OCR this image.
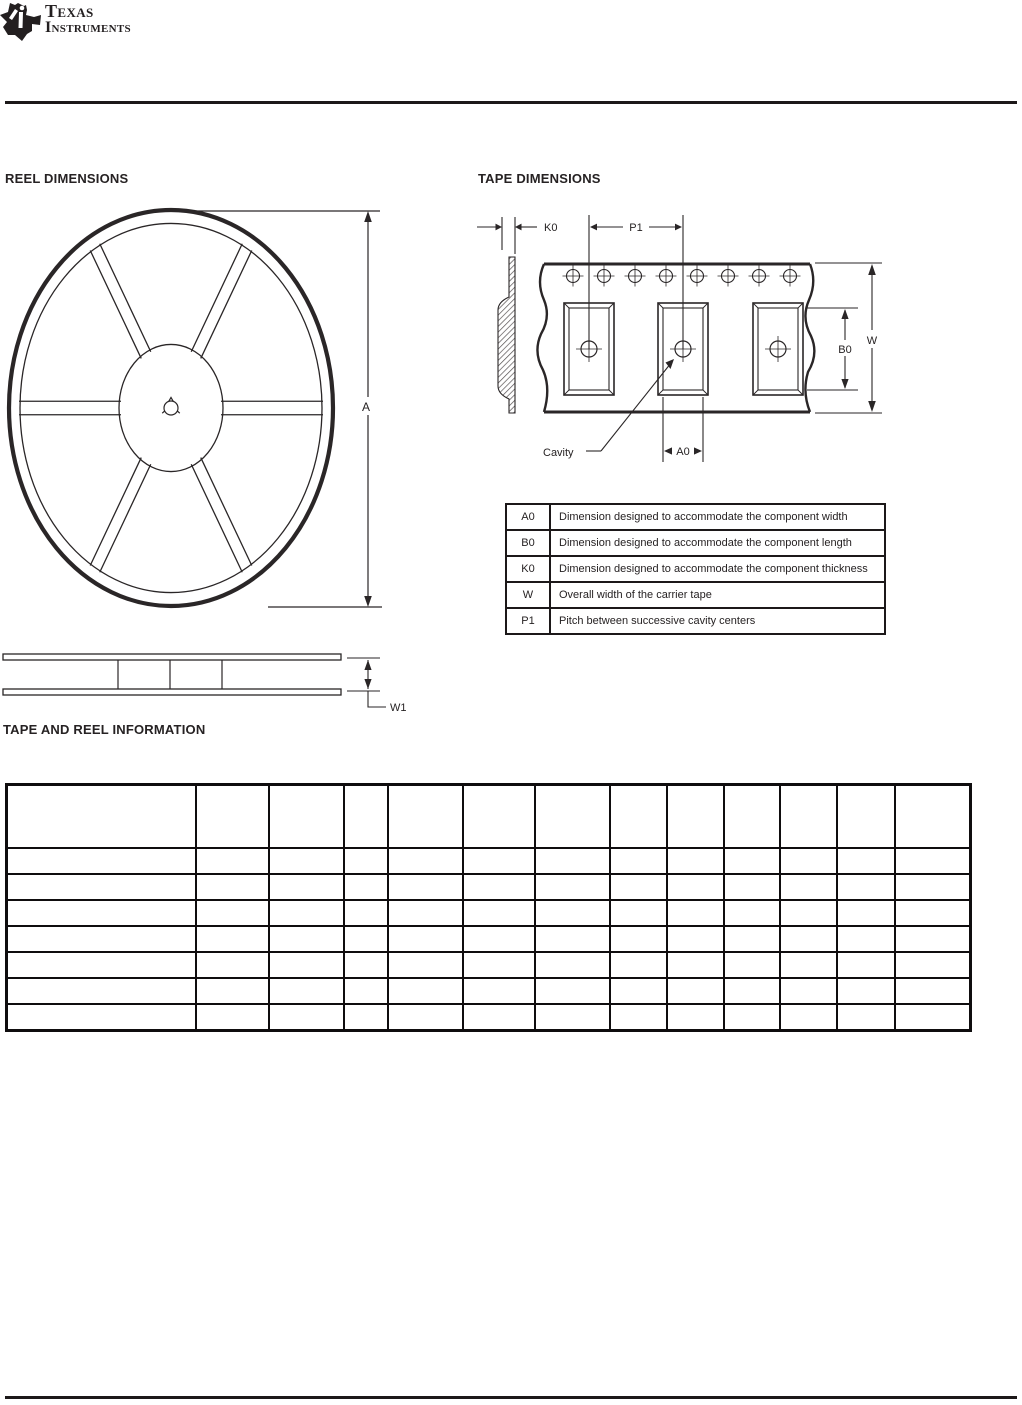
Texas
Instruments
REEL DIMENSIONS	TAPE DIMENSIONS
A
K0	P1
W
B0
Cavity	A0
A0	Dimension designed to accommodate the component width
B0	Dimension designed to accommodate the component length
K0	Dimension designed to accommodate the component thickness
W	Overall width of the carrier tape
P1	Pitch between successive cavity centers
W1
TAPE AND REEL INFORMATION
